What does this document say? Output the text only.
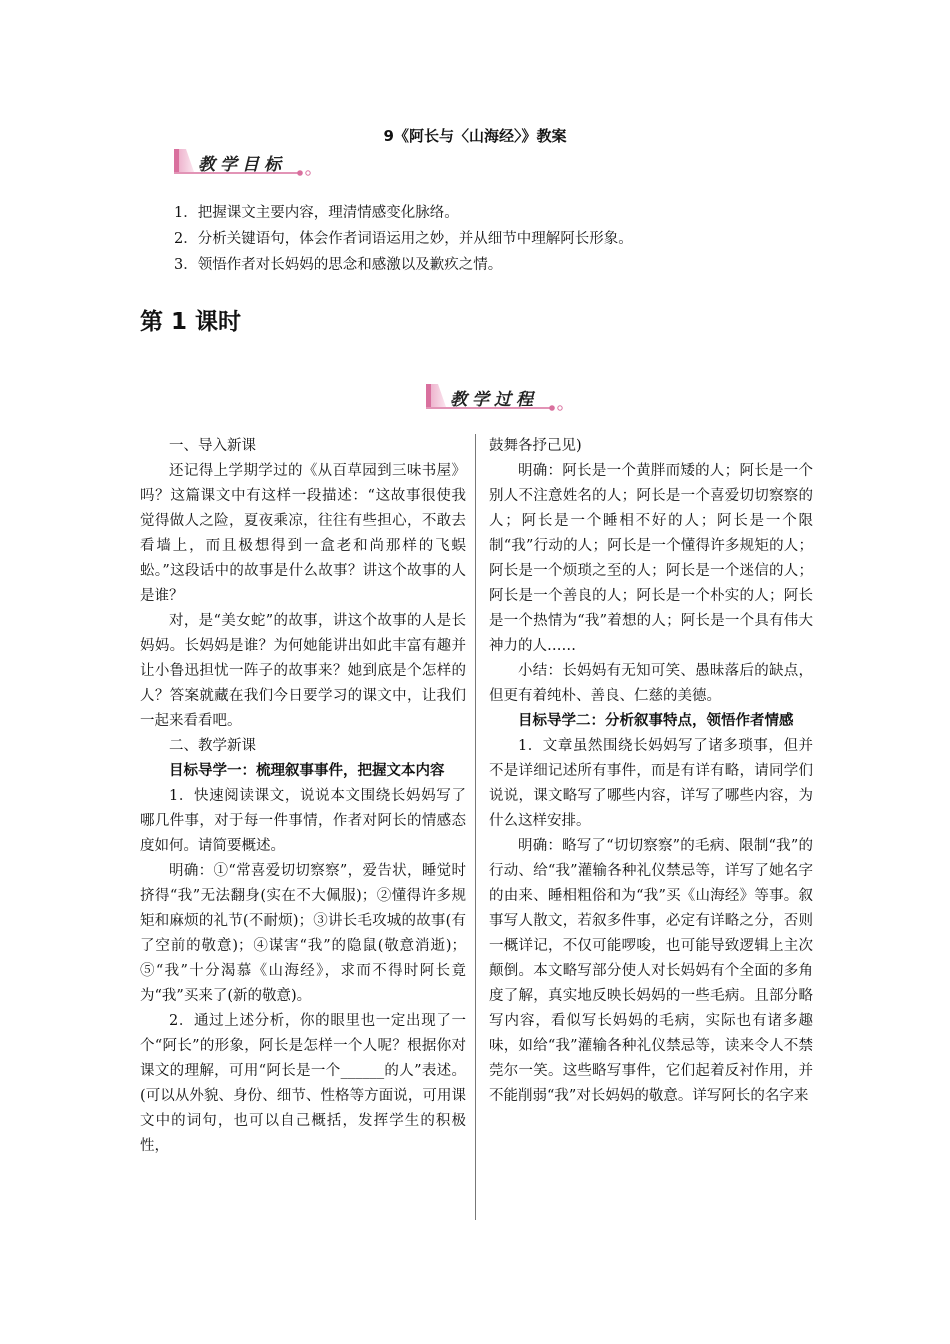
9《阿长与〈山海经〉》教案
教学目标
1．把握课文主要内容，理清情感变化脉络。
2．分析关键语句，体会作者词语运用之妙，并从细节中理解阿长形象。
3．领悟作者对长妈妈的思念和感激以及歉疚之情。
第 1 课时
教学过程

一、导入新课

还记得上学期学过的《从百草园到三味书屋》吗？这篇课文中有这样一段描述：“这故事很使我觉得做人之险，夏夜乘凉，往往有些担心，不敢去看墙上，而且极想得到一盒老和尚那样的飞蜈蚣。”这段话中的故事是什么故事？讲这个故事的人是谁？

对，是“美女蛇”的故事，讲这个故事的人是长妈妈。长妈妈是谁？为何她能讲出如此丰富有趣并让小鲁迅担忧一阵子的故事来？她到底是个怎样的人？答案就藏在我们今日要学习的课文中，让我们一起来看看吧。

二、教学新课

目标导学一：梳理叙事事件，把握文本内容

1．快速阅读课文，说说本文围绕长妈妈写了哪几件事，对于每一件事情，作者对阿长的情感态度如何。请简要概述。

明确：①“常喜爱切切察察”，爱告状，睡觉时挤得“我”无法翻身(实在不大佩服)；②懂得许多规矩和麻烦的礼节(不耐烦)；③讲长毛攻城的故事(有了空前的敬意)；④谋害“我”的隐鼠(敬意消逝)；⑤“我”十分渴慕《山海经》，求而不得时阿长竟为“我”买来了(新的敬意)。

2．通过上述分析，你的眼里也一定出现了一个“阿长”的形象，阿长是怎样一个人呢？根据你对课文的理解，可用“阿长是一个______的人”表述。(可以从外貌、身份、细节、性格等方面说，可用课文中的词句，也可以自己概括，发挥学生的积极性，

鼓舞各抒己见)

明确：阿长是一个黄胖而矮的人；阿长是一个别人不注意姓名的人；阿长是一个喜爱切切察察的人；阿长是一个睡相不好的人；阿长是一个限制“我”行动的人；阿长是一个懂得许多规矩的人；阿长是一个烦琐之至的人；阿长是一个迷信的人；阿长是一个善良的人；阿长是一个朴实的人；阿长是一个热情为“我”着想的人；阿长是一个具有伟大神力的人……

小结：长妈妈有无知可笑、愚昧落后的缺点，但更有着纯朴、善良、仁慈的美德。

目标导学二：分析叙事特点，领悟作者情感

1．文章虽然围绕长妈妈写了诸多琐事，但并不是详细记述所有事件，而是有详有略，请同学们说说，课文略写了哪些内容，详写了哪些内容，为什么这样安排。

明确：略写了“切切察察”的毛病、限制“我”的行动、给“我”灌输各种礼仪禁忌等，详写了她名字的由来、睡相粗俗和为“我”买《山海经》等事。叙事写人散文，若叙多件事，必定有详略之分，否则一概详记，不仅可能啰唆，也可能导致逻辑上主次颠倒。本文略写部分使人对长妈妈有个全面的多角度了解，真实地反映长妈妈的一些毛病。且部分略写内容，看似写长妈妈的毛病，实际也有诸多趣味，如给“我”灌输各种礼仪禁忌等，读来令人不禁莞尔一笑。这些略写事件，它们起着反衬作用，并不能削弱“我”对长妈妈的敬意。详写阿长的名字来
